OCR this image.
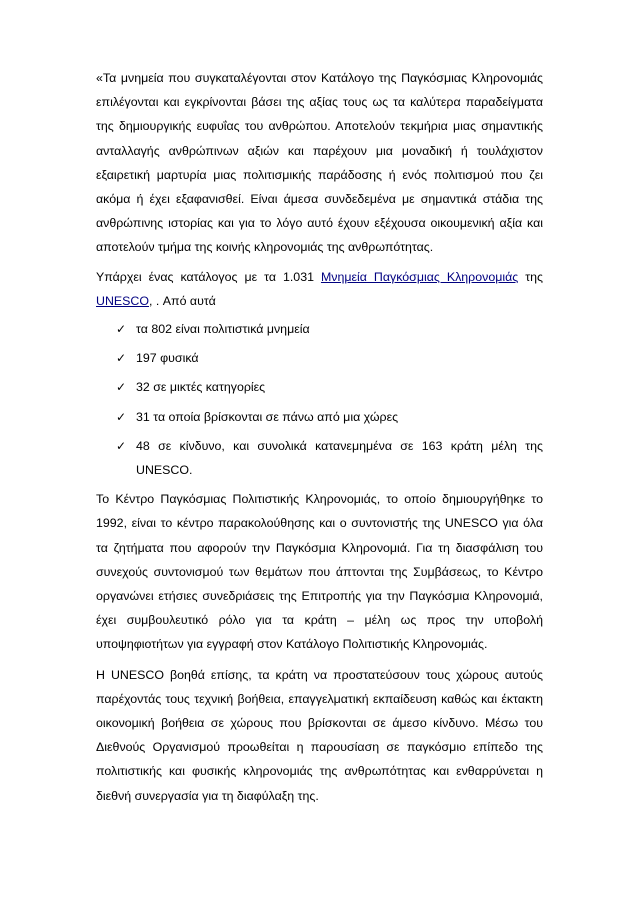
«Τα μνημεία που συγκαταλέγονται στον Κατάλογο της Παγκόσμιας Κληρονομιάς επιλέγονται και εγκρίνονται βάσει της αξίας τους ως τα καλύτερα παραδείγματα της δημιουργικής ευφυΐας του ανθρώπου. Αποτελούν τεκμήρια μιας σημαντικής ανταλλαγής ανθρώπινων αξιών και παρέχουν μια μοναδική ή τουλάχιστον εξαιρετική μαρτυρία μιας πολιτισμικής παράδοσης ή ενός πολιτισμού που ζει ακόμα ή έχει εξαφανισθεί. Είναι άμεσα συνδεδεμένα με σημαντικά στάδια της ανθρώπινης ιστορίας και για το λόγο αυτό έχουν εξέχουσα οικουμενική αξία και αποτελούν τμήμα της κοινής κληρονομιάς της ανθρωπότητας.

Υπάρχει ένας κατάλογος με τα 1.031 Μνημεία Παγκόσμιας Κληρονομιάς της UNESCO, . Από αυτά

✓ τα 802 είναι πολιτιστικά μνημεία
✓ 197 φυσικά
✓ 32 σε μικτές κατηγορίες
✓ 31 τα οποία βρίσκονται σε πάνω από μια χώρες
✓ 48 σε κίνδυνο, και συνολικά κατανεμημένα σε 163 κράτη μέλη της UNESCO.

Το Κέντρο Παγκόσμιας Πολιτιστικής Κληρονομιάς, το οποίο δημιουργήθηκε το 1992, είναι το κέντρο παρακολούθησης και ο συντονιστής της UNESCO για όλα τα ζητήματα που αφορούν την Παγκόσμια Κληρονομιά. Για τη διασφάλιση του συνεχούς συντονισμού των θεμάτων που άπτονται της Συμβάσεως, το Κέντρο οργανώνει ετήσιες συνεδριάσεις της Επιτροπής για την Παγκόσμια Κληρονομιά, έχει συμβουλευτικό ρόλο για τα κράτη – μέλη ως προς την υποβολή υποψηφιοτήτων για εγγραφή στον Κατάλογο Πολιτιστικής Κληρονομιάς.

Η UNESCO βοηθά επίσης, τα κράτη να προστατεύσουν τους χώρους αυτούς παρέχοντάς τους τεχνική βοήθεια, επαγγελματική εκπαίδευση καθώς και έκτακτη οικονομική βοήθεια σε χώρους που βρίσκονται σε άμεσο κίνδυνο. Μέσω του Διεθνούς Οργανισμού προωθείται η παρουσίαση σε παγκόσμιο επίπεδο της πολιτιστικής και φυσικής κληρονομιάς της ανθρωπότητας και ενθαρρύνεται η διεθνή συνεργασία για τη διαφύλαξη της.
